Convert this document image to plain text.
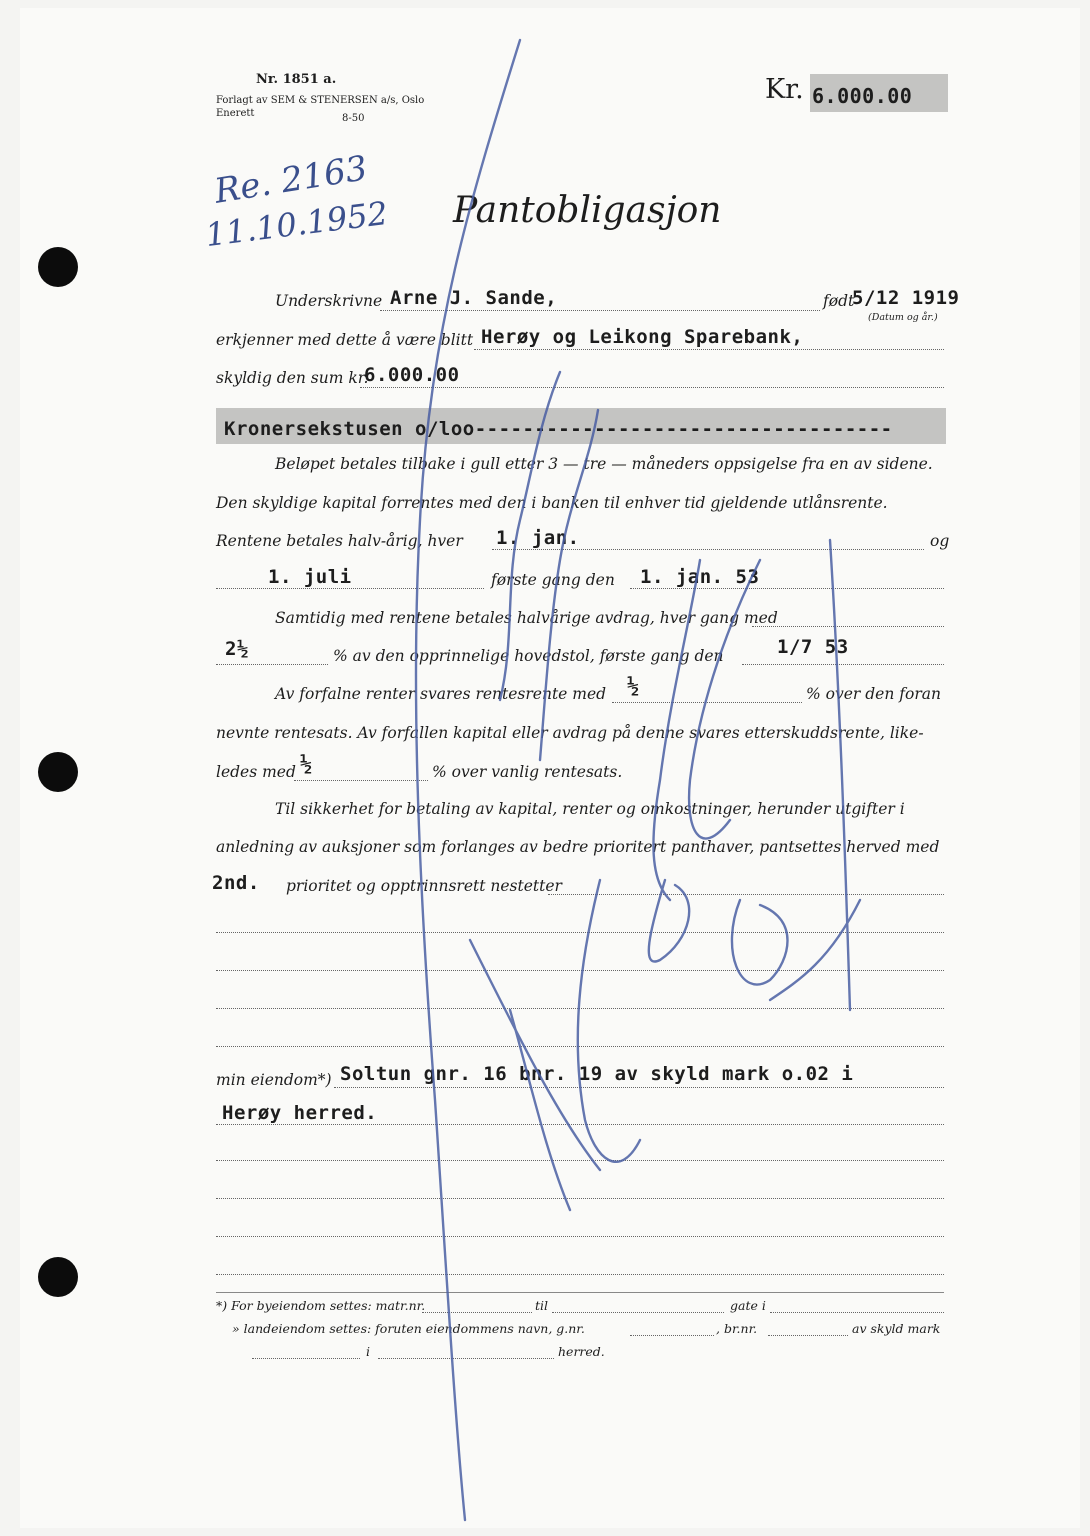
Nr. 1851 a.
Forlagt av SEM & STENERSEN a/s, Oslo
Enerett	8-50
Kr. 6.000.00
Re. 2163
11.10.1952 Pantobligasjon
Underskrivne Arne J. Sande,	født
5/12 1919
(Datum og år.)
erkjenner med dette å være blitt Herøy og Leikong Sparebank,
skyldig den sum kr.
6.000.00
Kronersekstusen o/loo-----------------------------------
Beløpet betales tilbake i gull etter 3 — tre — måneders oppsigelse fra en av sidene.
Den skyldige kapital forrentes med den i banken til enhver tid gjeldende utlånsrente.
Rentene betales halv-årig, hver 1. jan.	og
1. juli	første gang den 1. jan. 53
Samtidig med rentene betales halvårige avdrag, hver gang med
2½	% av den opprinnelige hovedstol, første gang den	1/7 53
Av forfalne renter svares rentesrente med ½	% over den foran
nevnte rentesats. Av forfallen kapital eller avdrag på denne svares etterskuddsrente, like-
ledes med ½	% over vanlig rentesats.
Til sikkerhet for betaling av kapital, renter og omkostninger, herunder utgifter i
anledning av auksjoner som forlanges av bedre prioritert panthaver, pantsettes herved med
2nd. prioritet og opptrinnsrett nestetter
min eiendom*) Soltun gnr. 16 bnr. 19 av skyld mark o.02 i
Herøy herred.
*) For byeiendom settes: matr.nr.	til	gate i
» landeiendom settes: foruten eiendommens navn, g.nr.	, br.nr.	av skyld mark
i	herred.
